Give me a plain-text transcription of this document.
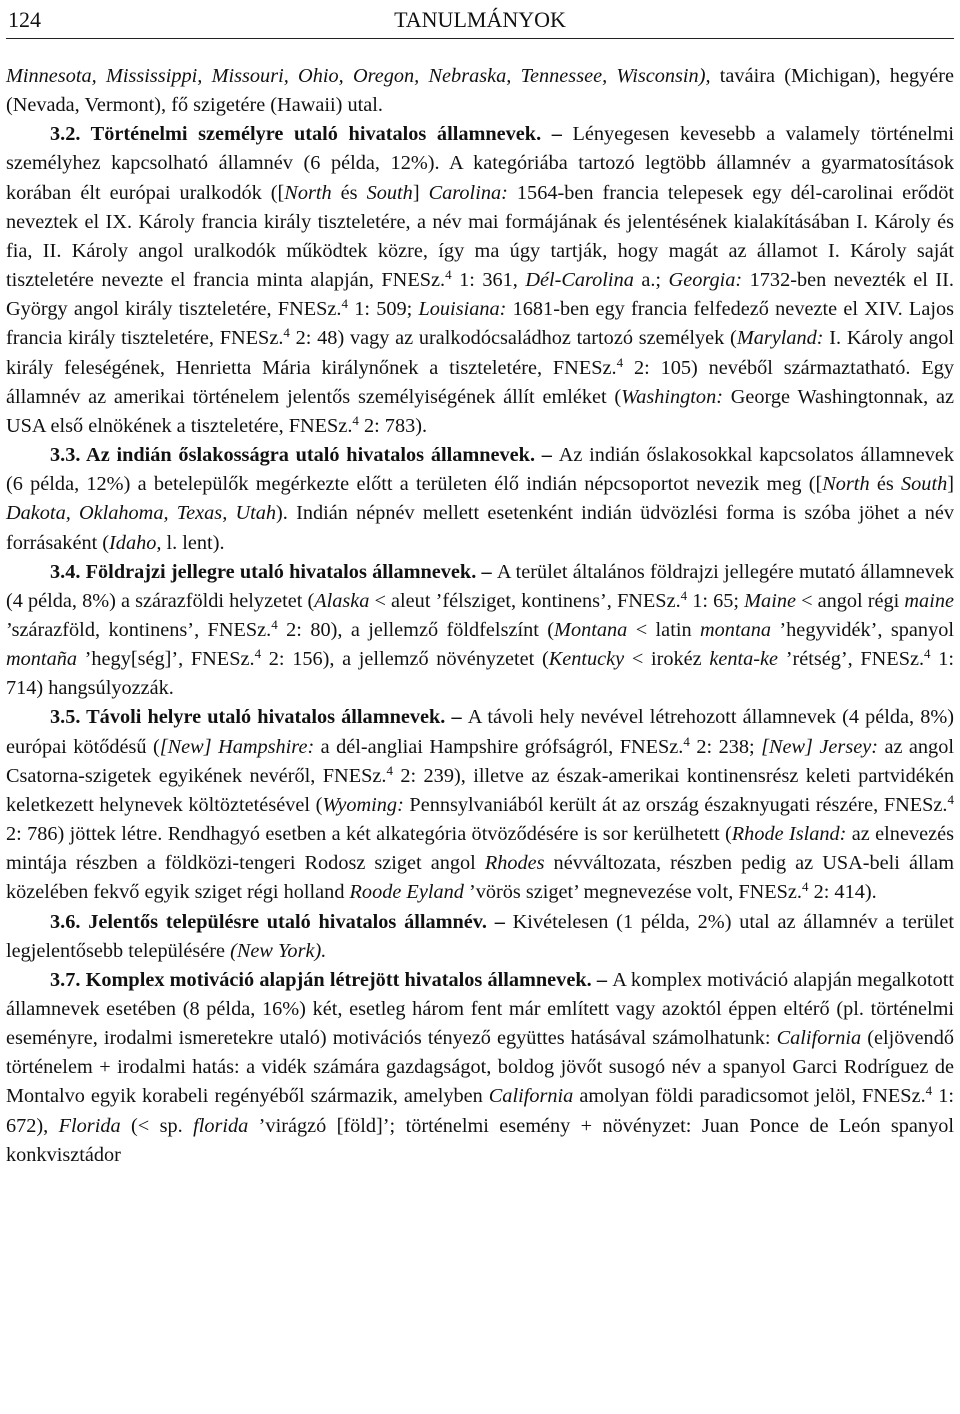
124	TANULMÁNYOK

Minnesota, Mississippi, Missouri, Ohio, Oregon, Nebraska, Tennessee, Wisconsin), taváira (Michigan), hegyére (Nevada, Vermont), fő szigetére (Hawaii) utal.

3.2. Történelmi személyre utaló hivatalos államnevek. – Lényegesen kevesebb a valamely történelmi személyhez kapcsolható államnév (6 példa, 12%). A kategóriába tartozó legtöbb államnév a gyarmatosítások korában élt európai uralkodók ([North és South] Carolina: 1564-ben francia telepesek egy dél-carolinai erődöt neveztek el IX. Károly francia király tiszteletére, a név mai formájának és jelentésének kialakításában I. Károly és fia, II. Károly angol uralkodók működtek közre, így ma úgy tartják, hogy magát az államot I. Károly saját tiszteletére nevezte el francia minta alapján, FNESz.$^4$ 1: 361, Dél-Carolina a.; Georgia: 1732-ben nevezték el II. György angol király tiszteletére, FNESz.$^4$ 1: 509; Louisiana: 1681-ben egy francia felfedező nevezte el XIV. Lajos francia király tiszteletére, FNESz.$^4$ 2: 48) vagy az uralkodócsaládhoz tartozó személyek (Maryland: I. Károly angol király feleségének, Henrietta Mária királynőnek a tiszteletére, FNESz.$^4$ 2: 105) nevéből származtatható. Egy államnév az amerikai történelem jelentős személyiségének állít emléket (Washington: George Washingtonnak, az USA első elnökének a tiszteletére, FNESz.$^4$ 2: 783).

3.3. Az indián őslakosságra utaló hivatalos államnevek. – Az indián őslakosokkal kapcsolatos államnevek (6 példa, 12%) a betelepülők megérkezte előtt a területen élő indián népcsoportot nevezik meg ([North és South] Dakota, Oklahoma, Texas, Utah). Indián népnév mellett esetenként indián üdvözlési forma is szóba jöhet a név forrásaként (Idaho, l. lent).

3.4. Földrajzi jellegre utaló hivatalos államnevek. – A terület általános földrajzi jellegére mutató államnevek (4 példa, 8%) a szárazföldi helyzetet (Alaska < aleut ’félsziget, kontinens’, FNESz.$^4$ 1: 65; Maine < angol régi maine ’szárazföld, kontinens’, FNESz.$^4$ 2: 80), a jellemző földfelszínt (Montana < latin montana ’hegyvidék’, spanyol montaña ’hegy[ség]’, FNESz.$^4$ 2: 156), a jellemző növényzetet (Kentucky < irokéz kenta-ke ’rétség’, FNESz.$^4$ 1: 714) hangsúlyozzák.

3.5. Távoli helyre utaló hivatalos államnevek. – A távoli hely nevével létrehozott államnevek (4 példa, 8%) európai kötődésű ([New] Hampshire: a dél-angliai Hampshire grófságról, FNESz.$^4$ 2: 238; [New] Jersey: az angol Csatorna-szigetek egyikének nevéről, FNESz.$^4$ 2: 239), illetve az észak-amerikai kontinensrész keleti partvidékén keletkezett helynevek költöztetésével (Wyoming: Pennsylvaniából került át az ország északnyugati részére, FNESz.$^4$ 2: 786) jöttek létre. Rendhagyó esetben a két alkategória ötvöződésére is sor kerülhetett (Rhode Island: az elnevezés mintája részben a földközi-tengeri Rodosz sziget angol Rhodes névváltozata, részben pedig az USA-beli állam közelében fekvő egyik sziget régi holland Roode Eyland ’vörös sziget’ megnevezése volt, FNESz.$^4$ 2: 414).

3.6. Jelentős településre utaló hivatalos államnév. – Kivételesen (1 példa, 2%) utal az államnév a terület legjelentősebb településére (New York).

3.7. Komplex motiváció alapján létrejött hivatalos államnevek. – A komplex motiváció alapján megalkotott államnevek esetében (8 példa, 16%) két, esetleg három fent már említett vagy azoktól éppen eltérő (pl. történelmi eseményre, irodalmi ismeretekre utaló) motivációs tényező együttes hatásával számolhatunk: California (eljövendő történelem + irodalmi hatás: a vidék számára gazdagságot, boldog jövőt susogó név a spanyol Garci Rodríguez de Montalvo egyik korabeli regényéből származik, amelyben California amolyan földi paradicsomot jelöl, FNESz.$^4$ 1: 672), Florida (< sp. florida ’virágzó [föld]’; történelmi esemény + növényzet: Juan Ponce de León spanyol konkvisztádor
